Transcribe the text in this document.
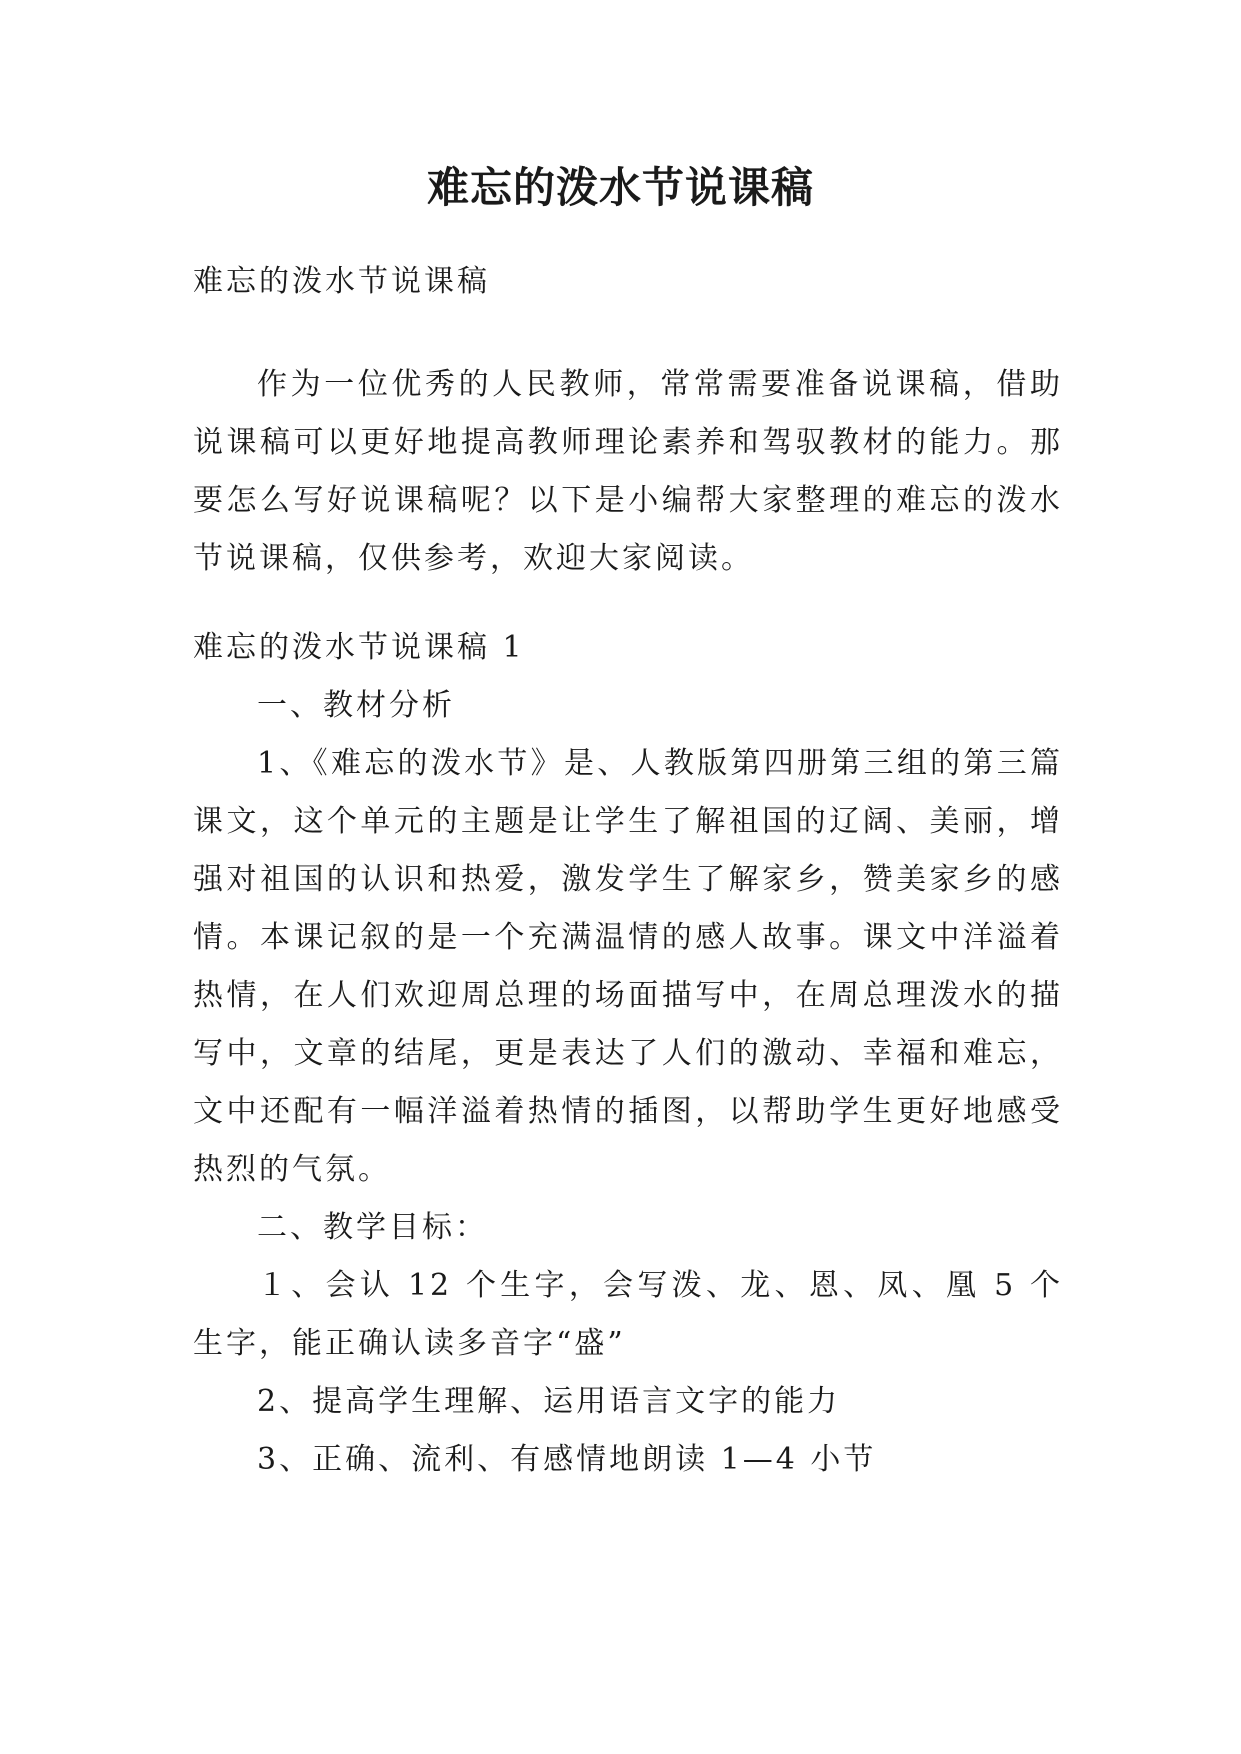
难忘的泼水节说课稿

难忘的泼水节说课稿

作为一位优秀的人民教师，常常需要准备说课稿，借助说课稿可以更好地提高教师理论素养和驾驭教材的能力。那要怎么写好说课稿呢？以下是小编帮大家整理的难忘的泼水节说课稿，仅供参考，欢迎大家阅读。

难忘的泼水节说课稿 1

一、教材分析

1、《难忘的泼水节》是、人教版第四册第三组的第三篇课文，这个单元的主题是让学生了解祖国的辽阔、美丽，增强对祖国的认识和热爱，激发学生了解家乡，赞美家乡的感情。本课记叙的是一个充满温情的感人故事。课文中洋溢着热情，在人们欢迎周总理的场面描写中，在周总理泼水的描写中，文章的结尾，更是表达了人们的激动、幸福和难忘，文中还配有一幅洋溢着热情的插图，以帮助学生更好地感受热烈的气氛。

二、教学目标：

１、会认 12 个生字，会写泼、龙、恩、凤、凰 5 个生字，能正确认读多音字“盛”

2、提高学生理解、运用语言文字的能力

3、正确、流利、有感情地朗读 1—4 小节
